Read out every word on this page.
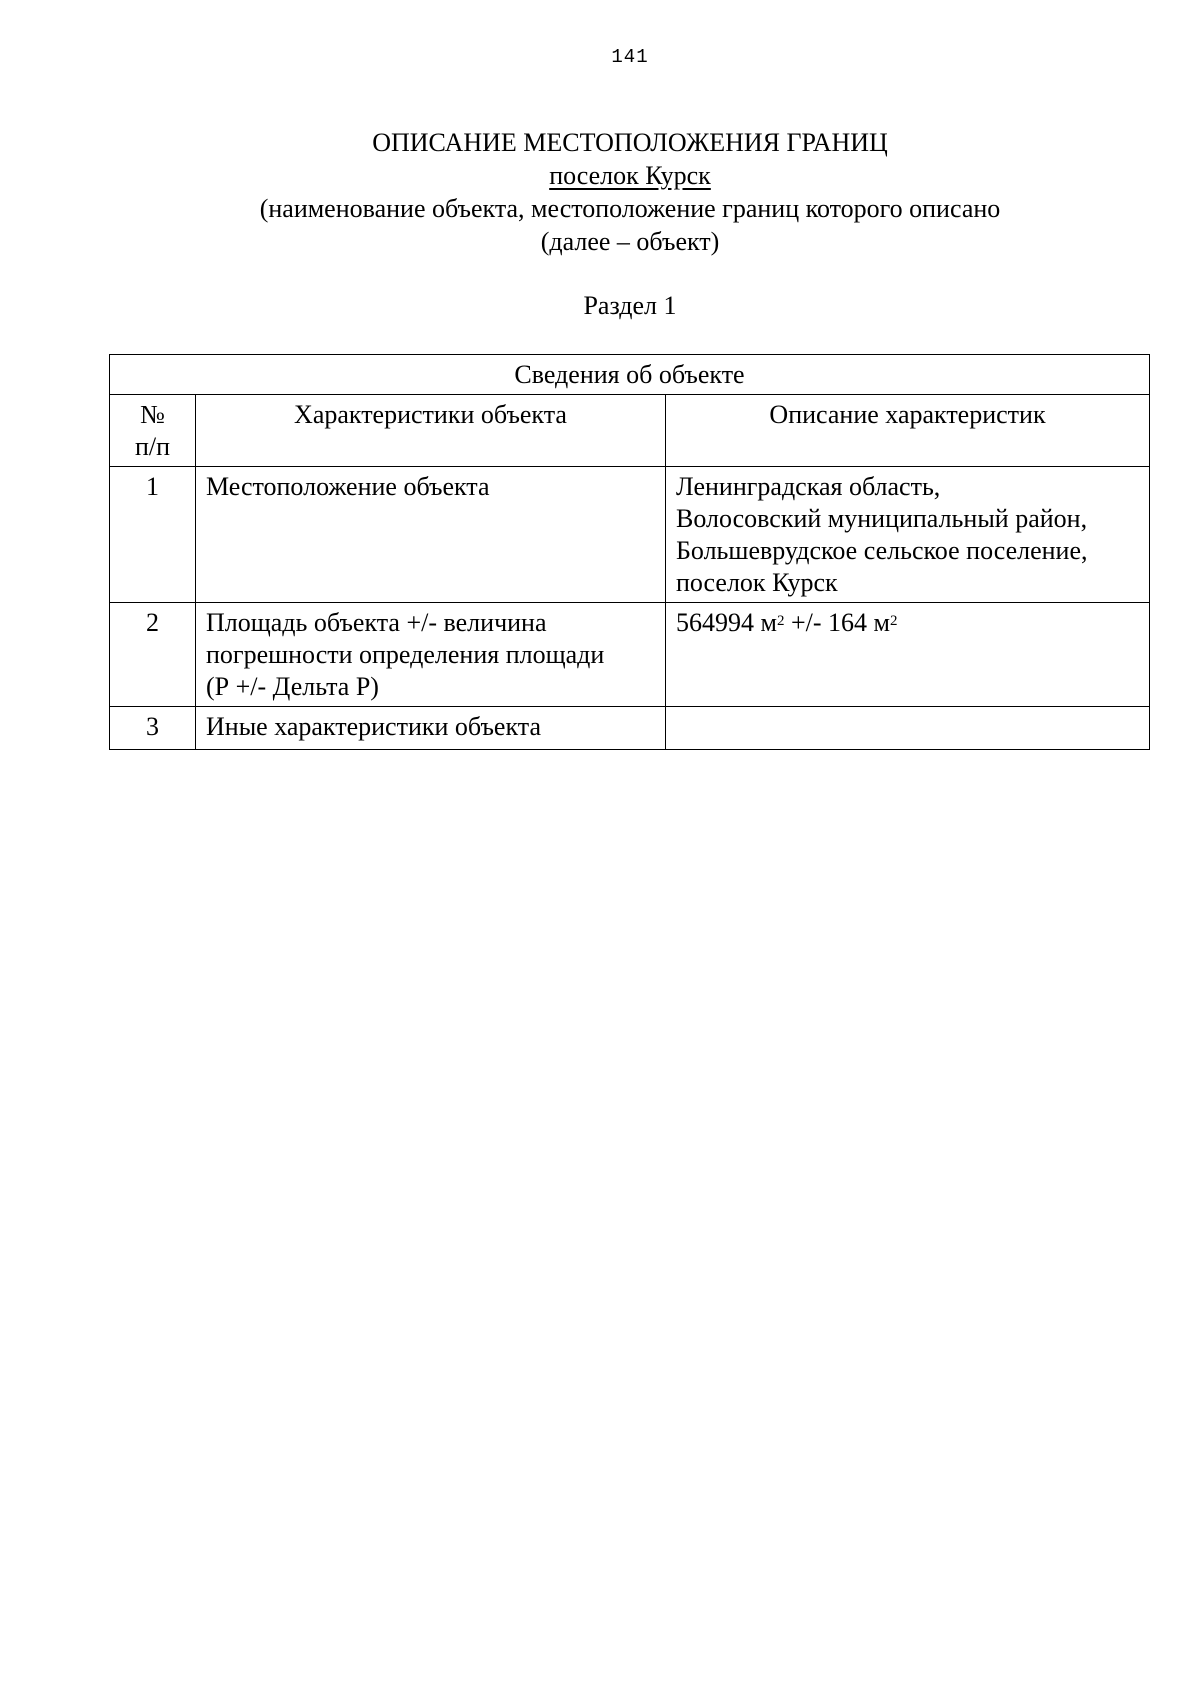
141
ОПИСАНИЕ МЕСТОПОЛОЖЕНИЯ ГРАНИЦ
поселок Курск
(наименование объекта, местоположение границ которого описано
(далее – объект)
Раздел 1
Сведения об объекте		
№
п/п	Характеристики объекта	Описание характеристик
1	Местоположение объекта	Ленинградская область,
Волосовский муниципальный район,
Большеврудское сельское поселение,
поселок Курск
2	Площадь объекта +/- величина
погрешности определения площади
(Р +/- Дельта Р)	564994 $м^2$ +/- 164 $м^2$
3	Иные характеристики объекта	
